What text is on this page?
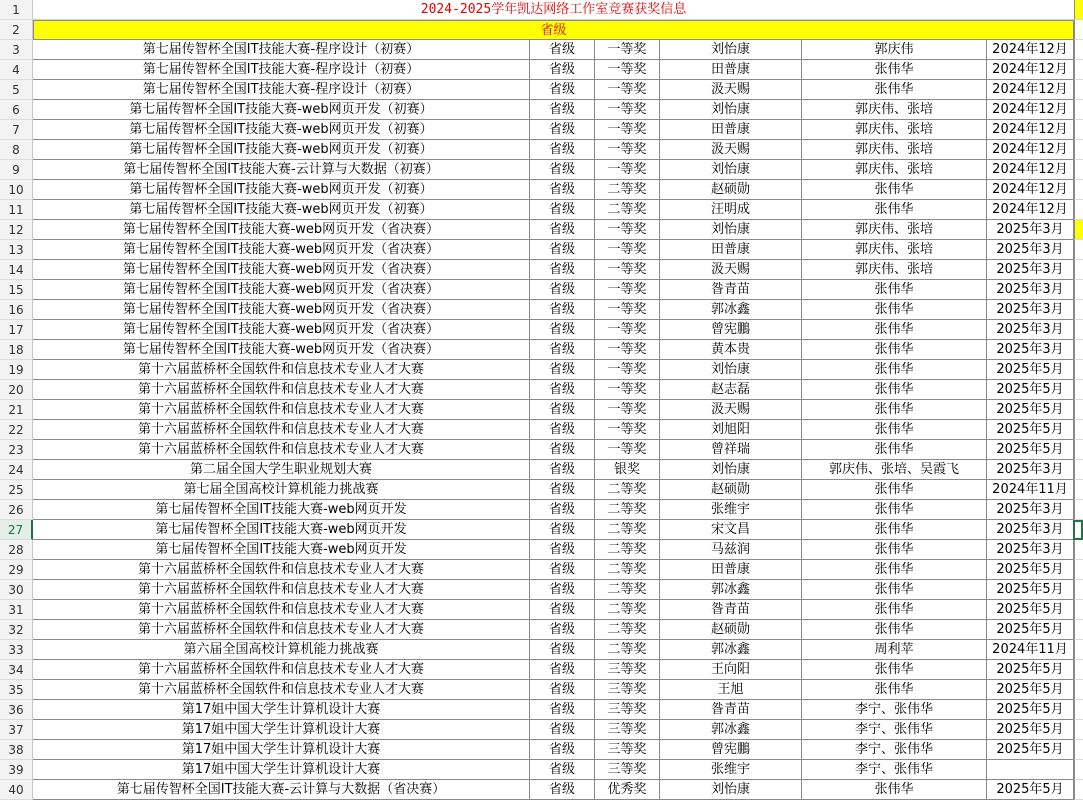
1	2024-2025学年凯达网络工作室竞赛获奖信息
2	省级
3	第七届传智杯全国IT技能大赛-程序设计（初赛）	省级	一等奖	刘怡康	郭庆伟	2024年12月
4	第七届传智杯全国IT技能大赛-程序设计（初赛）	省级	一等奖	田普康	张伟华	2024年12月
5	第七届传智杯全国IT技能大赛-程序设计（初赛）	省级	一等奖	汲天赐	张伟华	2024年12月
6	第七届传智杯全国IT技能大赛-web网页开发（初赛）	省级	一等奖	刘怡康	郭庆伟、张培	2024年12月
7	第七届传智杯全国IT技能大赛-web网页开发（初赛）	省级	一等奖	田普康	郭庆伟、张培	2024年12月
8	第七届传智杯全国IT技能大赛-web网页开发（初赛）	省级	一等奖	汲天赐	郭庆伟、张培	2024年12月
9	第七届传智杯全国IT技能大赛-云计算与大数据（初赛）	省级	一等奖	刘怡康	郭庆伟、张培	2024年12月
10	第七届传智杯全国IT技能大赛-web网页开发（初赛）	省级	二等奖	赵硕勋	张伟华	2024年12月
11	第七届传智杯全国IT技能大赛-web网页开发（初赛）	省级	二等奖	汪明成	张伟华	2024年12月
12	第七届传智杯全国IT技能大赛-web网页开发（省决赛）	省级	一等奖	刘怡康	郭庆伟、张培	2025年3月
13	第七届传智杯全国IT技能大赛-web网页开发（省决赛）	省级	一等奖	田普康	郭庆伟、张培	2025年3月
14	第七届传智杯全国IT技能大赛-web网页开发（省决赛）	省级	一等奖	汲天赐	郭庆伟、张培	2025年3月
15	第七届传智杯全国IT技能大赛-web网页开发（省决赛）	省级	一等奖	昝青苗	张伟华	2025年3月
16	第七届传智杯全国IT技能大赛-web网页开发（省决赛）	省级	一等奖	郭冰鑫	张伟华	2025年3月
17	第七届传智杯全国IT技能大赛-web网页开发（省决赛）	省级	一等奖	曾宪鵬	张伟华	2025年3月
18	第七届传智杯全国IT技能大赛-web网页开发（省决赛）	省级	一等奖	黄本贵	张伟华	2025年3月
19	第十六届蓝桥杯全国软件和信息技术专业人才大赛	省级	一等奖	刘怡康	张伟华	2025年5月
20	第十六届蓝桥杯全国软件和信息技术专业人才大赛	省级	一等奖	赵志磊	张伟华	2025年5月
21	第十六届蓝桥杯全国软件和信息技术专业人才大赛	省级	一等奖	汲天赐	张伟华	2025年5月
22	第十六届蓝桥杯全国软件和信息技术专业人才大赛	省级	一等奖	刘旭阳	张伟华	2025年5月
23	第十六届蓝桥杯全国软件和信息技术专业人才大赛	省级	一等奖	曾祥瑞	张伟华	2025年5月
24	第二届全国大学生职业规划大赛	省级	银奖	刘怡康	郭庆伟、张培、吴霞飞	2025年3月
25	第七届全国高校计算机能力挑战赛	省级	二等奖	赵硕勋	张伟华	2024年11月
26	第七届传智杯全国IT技能大赛-web网页开发	省级	二等奖	张维宇	张伟华	2025年3月
27	第七届传智杯全国IT技能大赛-web网页开发	省级	二等奖	宋文昌	张伟华	2025年3月
28	第七届传智杯全国IT技能大赛-web网页开发	省级	二等奖	马兹润	张伟华	2025年3月
29	第十六届蓝桥杯全国软件和信息技术专业人才大赛	省级	二等奖	田普康	张伟华	2025年5月
30	第十六届蓝桥杯全国软件和信息技术专业人才大赛	省级	二等奖	郭冰鑫	张伟华	2025年5月
31	第十六届蓝桥杯全国软件和信息技术专业人才大赛	省级	二等奖	昝青苗	张伟华	2025年5月
32	第十六届蓝桥杯全国软件和信息技术专业人才大赛	省级	二等奖	赵硕勋	张伟华	2025年5月
33	第六届全国高校计算机能力挑战赛	省级	二等奖	郭冰鑫	周利苹	2024年11月
34	第十六届蓝桥杯全国软件和信息技术专业人才大赛	省级	三等奖	王向阳	张伟华	2025年5月
35	第十六届蓝桥杯全国软件和信息技术专业人才大赛	省级	三等奖	王旭	张伟华	2025年5月
36	第17姐中国大学生计算机设计大赛	省级	三等奖	昝青苗	李宁、张伟华	2025年5月
37	第17姐中国大学生计算机设计大赛	省级	三等奖	郭冰鑫	李宁、张伟华	2025年5月
38	第17姐中国大学生计算机设计大赛	省级	三等奖	曾宪鵬	李宁、张伟华	2025年5月
39	第17姐中国大学生计算机设计大赛	省级	三等奖	张维宇	李宁、张伟华
40	第七届传智杯全国IT技能大赛-云计算与大数据（省决赛）	省级	优秀奖	刘怡康	张伟华	2025年5月
